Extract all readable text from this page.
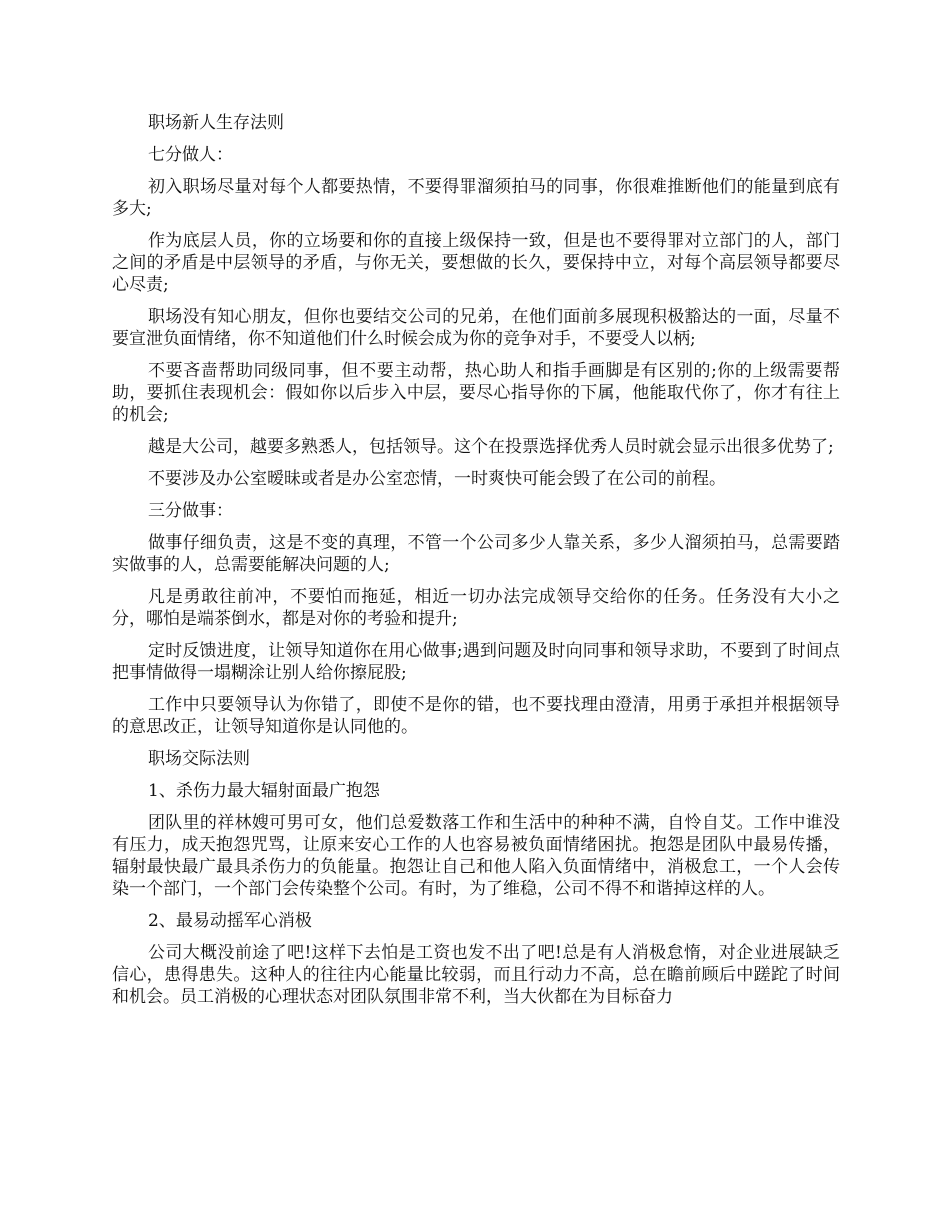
职场新人生存法则

七分做人：

初入职场尽量对每个人都要热情，不要得罪溜须拍马的同事，你很难推断他们的能量到底有多大;

作为底层人员，你的立场要和你的直接上级保持一致，但是也不要得罪对立部门的人，部门之间的矛盾是中层领导的矛盾，与你无关，要想做的长久，要保持中立，对每个高层领导都要尽心尽责;

职场没有知心朋友，但你也要结交公司的兄弟，在他们面前多展现积极豁达的一面，尽量不要宣泄负面情绪，你不知道他们什么时候会成为你的竞争对手，不要受人以柄;

不要吝啬帮助同级同事，但不要主动帮，热心助人和指手画脚是有区别的;你的上级需要帮助，要抓住表现机会：假如你以后步入中层，要尽心指导你的下属，他能取代你了，你才有往上的机会;

越是大公司，越要多熟悉人，包括领导。这个在投票选择优秀人员时就会显示出很多优势了;

不要涉及办公室暧昧或者是办公室恋情，一时爽快可能会毁了在公司的前程。

三分做事：

做事仔细负责，这是不变的真理，不管一个公司多少人靠关系，多少人溜须拍马，总需要踏实做事的人，总需要能解决问题的人;

凡是勇敢往前冲，不要怕而拖延，相近一切办法完成领导交给你的任务。任务没有大小之分，哪怕是端茶倒水，都是对你的考验和提升;

定时反馈进度，让领导知道你在用心做事;遇到问题及时向同事和领导求助，不要到了时间点把事情做得一塌糊涂让别人给你擦屁股;

工作中只要领导认为你错了，即使不是你的错，也不要找理由澄清，用勇于承担并根据领导的意思改正，让领导知道你是认同他的。

职场交际法则

1、杀伤力最大辐射面最广抱怨

团队里的祥林嫂可男可女，他们总爱数落工作和生活中的种种不满，自怜自艾。工作中谁没有压力，成天抱怨咒骂，让原来安心工作的人也容易被负面情绪困扰。抱怨是团队中最易传播，辐射最快最广最具杀伤力的负能量。抱怨让自己和他人陷入负面情绪中，消极怠工，一个人会传染一个部门，一个部门会传染整个公司。有时，为了维稳，公司不得不和谐掉这样的人。

2、最易动摇军心消极

公司大概没前途了吧!这样下去怕是工资也发不出了吧!总是有人消极怠惰，对企业进展缺乏信心，患得患失。这种人的往往内心能量比较弱，而且行动力不高，总在瞻前顾后中蹉跎了时间和机会。员工消极的心理状态对团队氛围非常不利，当大伙都在为目标奋力
